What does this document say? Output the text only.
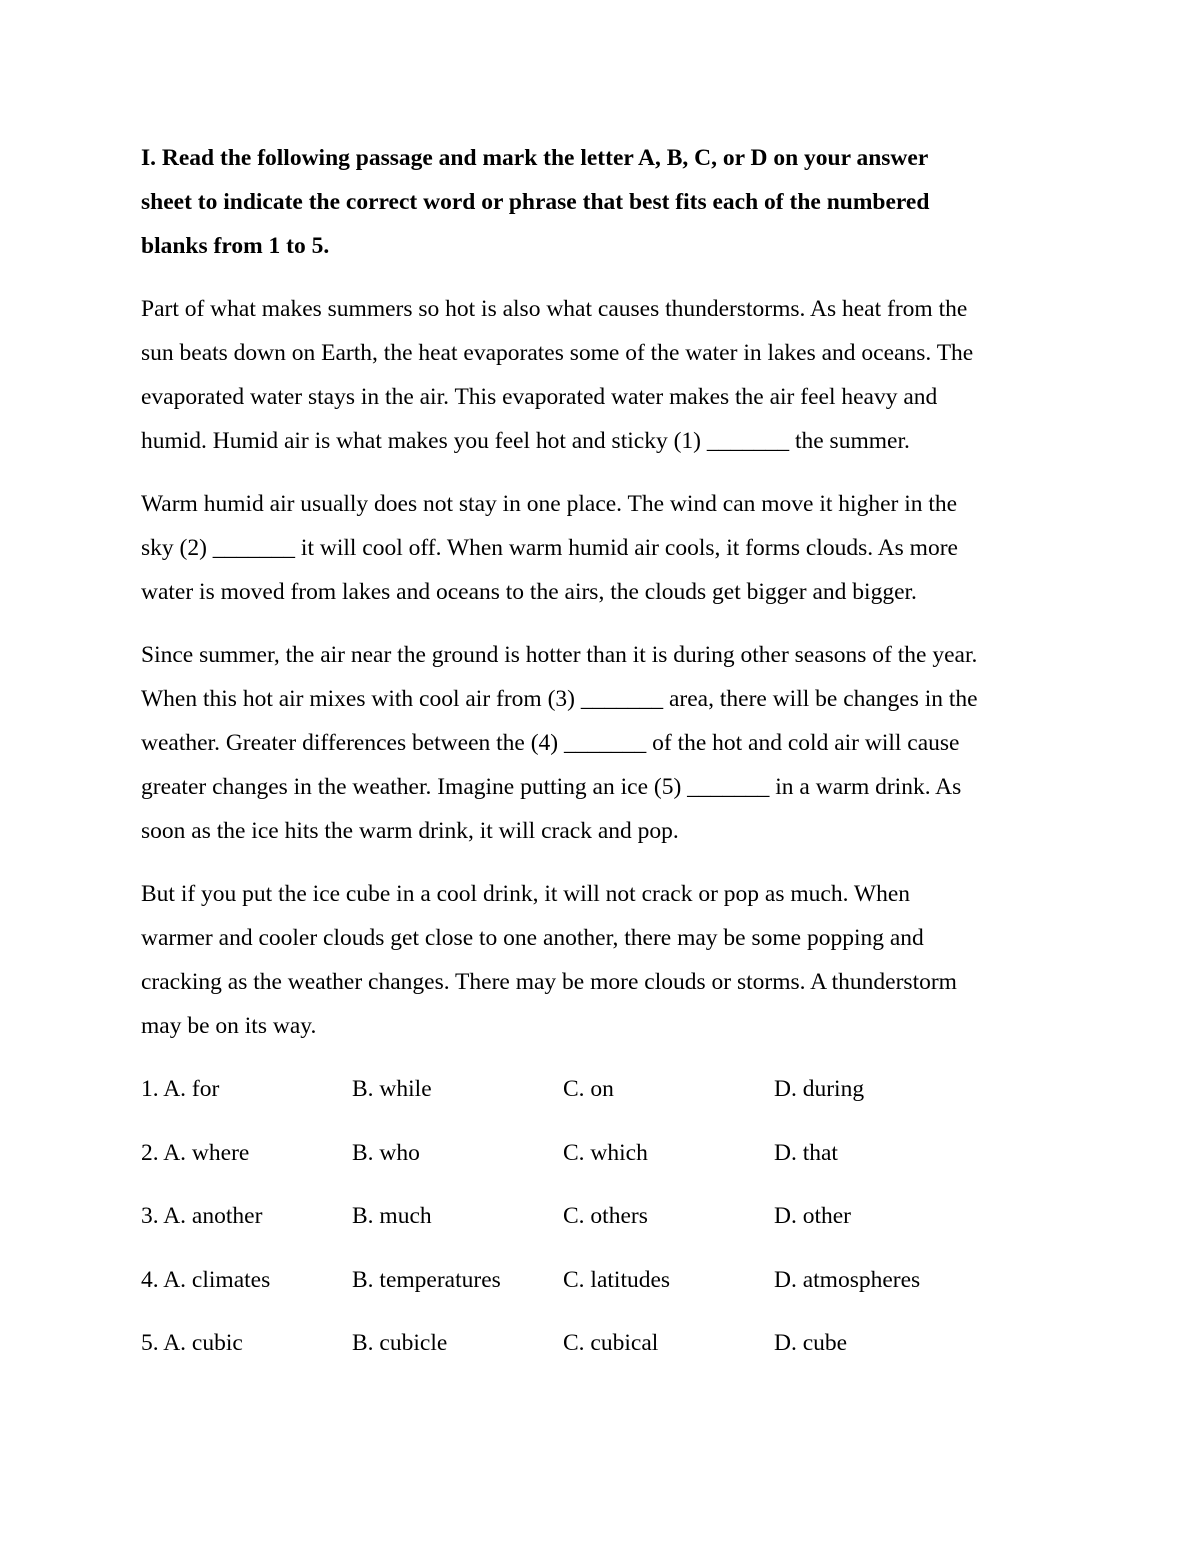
I. Read the following passage and mark the letter A, B, C, or D on your answer
sheet to indicate the correct word or phrase that best fits each of the numbered
blanks from 1 to 5.
Part of what makes summers so hot is also what causes thunderstorms. As heat from the
sun beats down on Earth, the heat evaporates some of the water in lakes and oceans. The
evaporated water stays in the air. This evaporated water makes the air feel heavy and
humid. Humid air is what makes you feel hot and sticky (1) _______ the summer.
Warm humid air usually does not stay in one place. The wind can move it higher in the
sky (2) _______ it will cool off. When warm humid air cools, it forms clouds. As more
water is moved from lakes and oceans to the airs, the clouds get bigger and bigger.
Since summer, the air near the ground is hotter than it is during other seasons of the year.
When this hot air mixes with cool air from (3) _______ area, there will be changes in the
weather. Greater differences between the (4) _______ of the hot and cold air will cause
greater changes in the weather. Imagine putting an ice (5) _______ in a warm drink. As
soon as the ice hits the warm drink, it will crack and pop.
But if you put the ice cube in a cool drink, it will not crack or pop as much. When
warmer and cooler clouds get close to one another, there may be some popping and
cracking as the weather changes. There may be more clouds or storms. A thunderstorm
may be on its way.
1. A. for	B. while	C. on	D. during
2. A. where	B. who	C. which	D. that
3. A. another	B. much	C. others	D. other
4. A. climates	B. temperatures	C. latitudes	D. atmospheres
5. A. cubic	B. cubicle	C. cubical	D. cube
